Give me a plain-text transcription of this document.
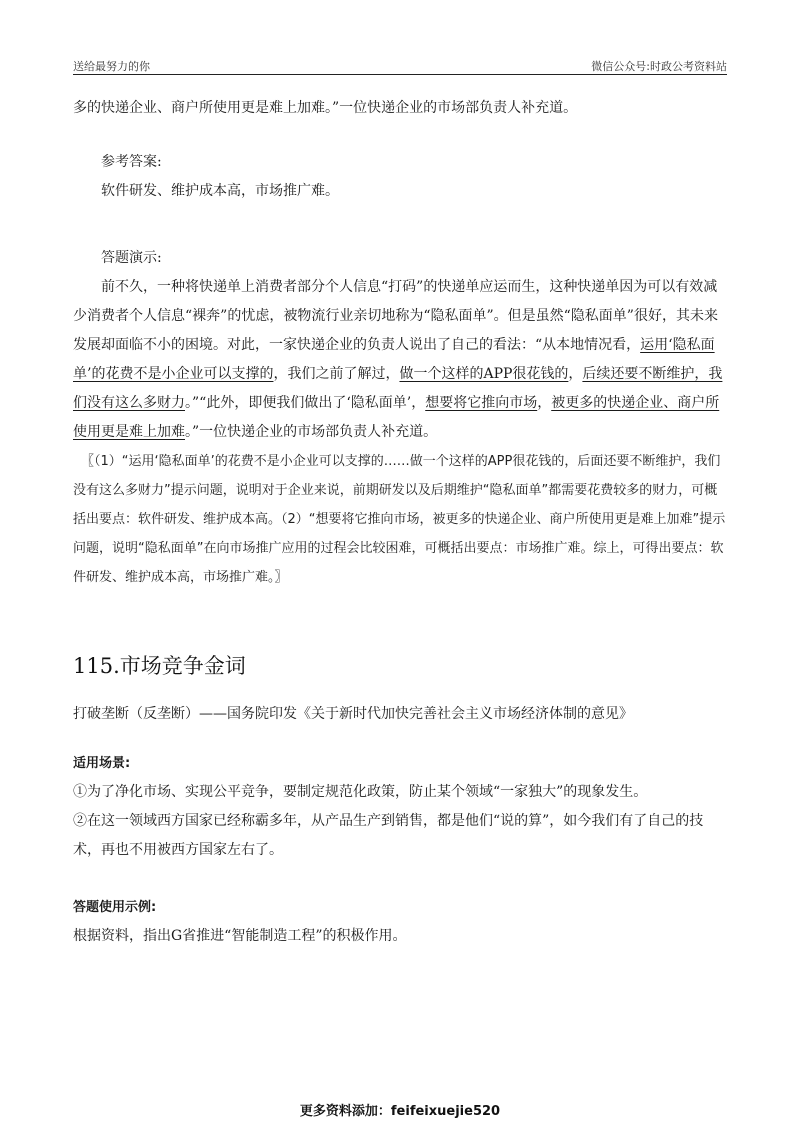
送给最努力的你	微信公众号:时政公考资料站

多的快递企业、商户所使用更是难上加难。”一位快递企业的市场部负责人补充道。

参考答案:

软件研发、维护成本高，市场推广难。

答题演示:

前不久，一种将快递单上消费者部分个人信息“打码”的快递单应运而生，这种快递单因为可以有效减少消费者个人信息“裸奔”的忧虑，被物流行业亲切地称为“隐私面单”。但是虽然“隐私面单”很好，其未来发展却面临不小的困境。对此，一家快递企业的负责人说出了自己的看法：“从本地情况看，运用‘隐私面单’的花费不是小企业可以支撑的，我们之前了解过，做一个这样的APP很花钱的，后续还要不断维护，我们没有这么多财力。”“此外，即便我们做出了‘隐私面单’，想要将它推向市场，被更多的快递企业、商户所使用更是难上加难。”一位快递企业的市场部负责人补充道。

〖（1）“运用‘隐私面单’的花费不是小企业可以支撑的……做一个这样的APP很花钱的，后面还要不断维护，我们没有这么多财力”提示问题，说明对于企业来说，前期研发以及后期维护“隐私面单”都需要花费较多的财力，可概括出要点：软件研发、维护成本高。（2）“想要将它推向市场，被更多的快递企业、商户所使用更是难上加难”提示问题，说明“隐私面单”在向市场推广应用的过程会比较困难，可概括出要点：市场推广难。综上，可得出要点：软件研发、维护成本高，市场推广难。〗

115.市场竞争金词

打破垄断（反垄断）——国务院印发《关于新时代加快完善社会主义市场经济体制的意见》

适用场景:

①为了净化市场、实现公平竞争，要制定规范化政策，防止某个领域“一家独大”的现象发生。

②在这一领域西方国家已经称霸多年，从产品生产到销售，都是他们“说的算”，如今我们有了自己的技术，再也不用被西方国家左右了。

答题使用示例:

根据资料，指出G省推进“智能制造工程”的积极作用。

更多资料添加：feifeixuejie520
